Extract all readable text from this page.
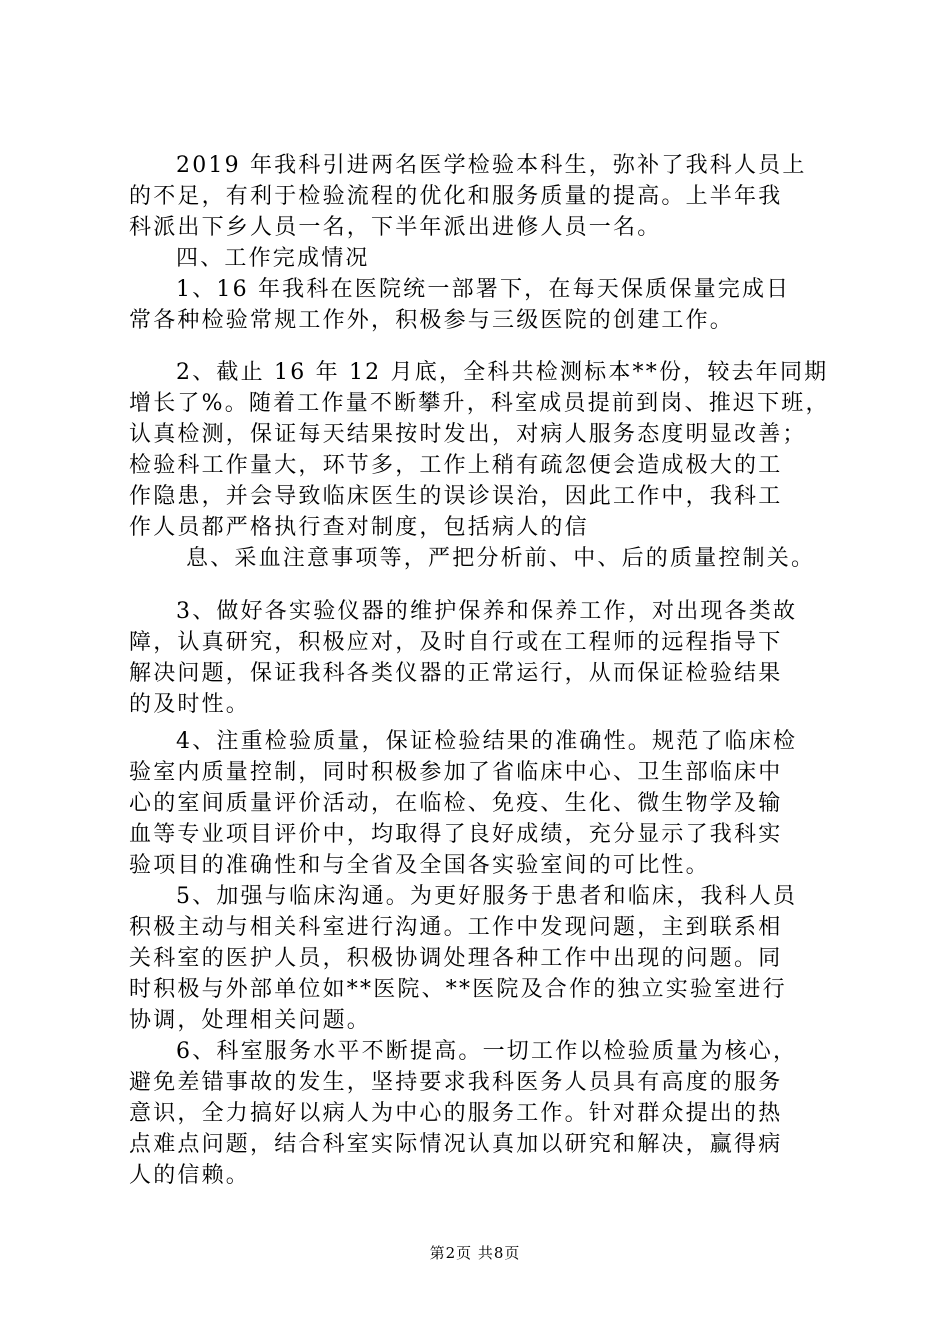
2019 年我科引进两名医学检验本科生，弥补了我科人员上
的不足，有利于检验流程的优化和服务质量的提高。上半年我
科派出下乡人员一名，下半年派出进修人员一名。
四、工作完成情况
1、16 年我科在医院统一部署下，在每天保质保量完成日
常各种检验常规工作外，积极参与三级医院的创建工作。
2、截止 16 年 12 月底，全科共检测标本**份，较去年同期
增长了%。随着工作量不断攀升，科室成员提前到岗、推迟下班，
认真检测，保证每天结果按时发出，对病人服务态度明显改善；
检验科工作量大，环节多，工作上稍有疏忽便会造成极大的工
作隐患，并会导致临床医生的误诊误治，因此工作中，我科工
作人员都严格执行查对制度，包括病人的信
息、采血注意事项等，严把分析前、中、后的质量控制关。
3、做好各实验仪器的维护保养和保养工作，对出现各类故
障，认真研究，积极应对，及时自行或在工程师的远程指导下
解决问题，保证我科各类仪器的正常运行，从而保证检验结果
的及时性。
4、注重检验质量，保证检验结果的准确性。规范了临床检
验室内质量控制，同时积极参加了省临床中心、卫生部临床中
心的室间质量评价活动，在临检、免疫、生化、微生物学及输
血等专业项目评价中，均取得了良好成绩，充分显示了我科实
验项目的准确性和与全省及全国各实验室间的可比性。
5、加强与临床沟通。为更好服务于患者和临床，我科人员
积极主动与相关科室进行沟通。工作中发现问题，主到联系相
关科室的医护人员，积极协调处理各种工作中出现的问题。同
时积极与外部单位如**医院、**医院及合作的独立实验室进行
协调，处理相关问题。
6、科室服务水平不断提高。一切工作以检验质量为核心，
避免差错事故的发生，坚持要求我科医务人员具有高度的服务
意识，全力搞好以病人为中心的服务工作。针对群众提出的热
点难点问题，结合科室实际情况认真加以研究和解决，赢得病
人的信赖。
第2页 共8页
